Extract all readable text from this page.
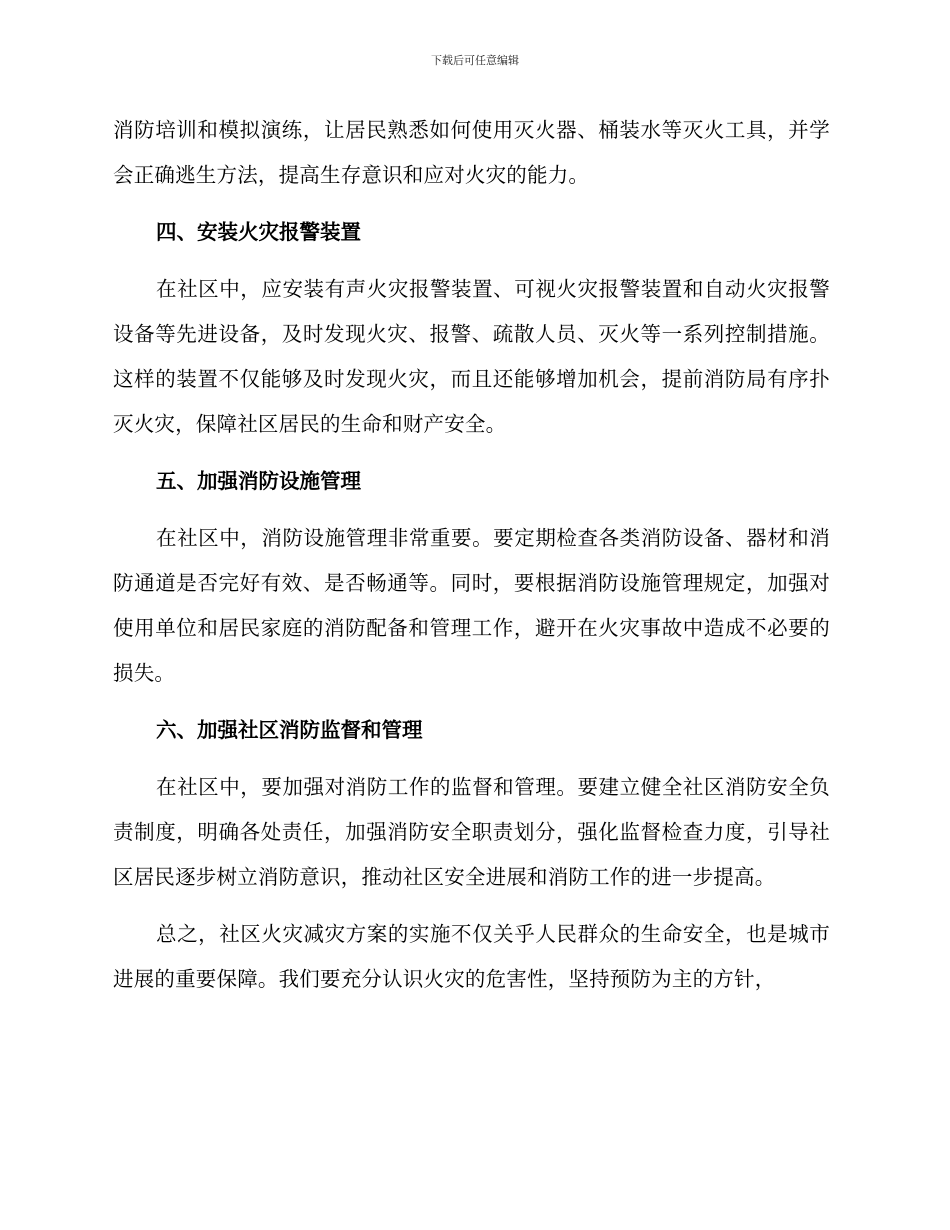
下载后可任意编辑

消防培训和模拟演练，让居民熟悉如何使用灭火器、桶装水等灭火工具，并学会正确逃生方法，提高生存意识和应对火灾的能力。

四、安装火灾报警装置

在社区中，应安装有声火灾报警装置、可视火灾报警装置和自动火灾报警设备等先进设备，及时发现火灾、报警、疏散人员、灭火等一系列控制措施。这样的装置不仅能够及时发现火灾，而且还能够增加机会，提前消防局有序扑灭火灾，保障社区居民的生命和财产安全。

五、加强消防设施管理

在社区中，消防设施管理非常重要。要定期检查各类消防设备、器材和消防通道是否完好有效、是否畅通等。同时，要根据消防设施管理规定，加强对使用单位和居民家庭的消防配备和管理工作，避开在火灾事故中造成不必要的损失。

六、加强社区消防监督和管理

在社区中，要加强对消防工作的监督和管理。要建立健全社区消防安全负责制度，明确各处责任，加强消防安全职责划分，强化监督检查力度，引导社区居民逐步树立消防意识，推动社区安全进展和消防工作的进一步提高。

总之，社区火灾减灾方案的实施不仅关乎人民群众的生命安全，也是城市进展的重要保障。我们要充分认识火灾的危害性，坚持预防为主的方针，
